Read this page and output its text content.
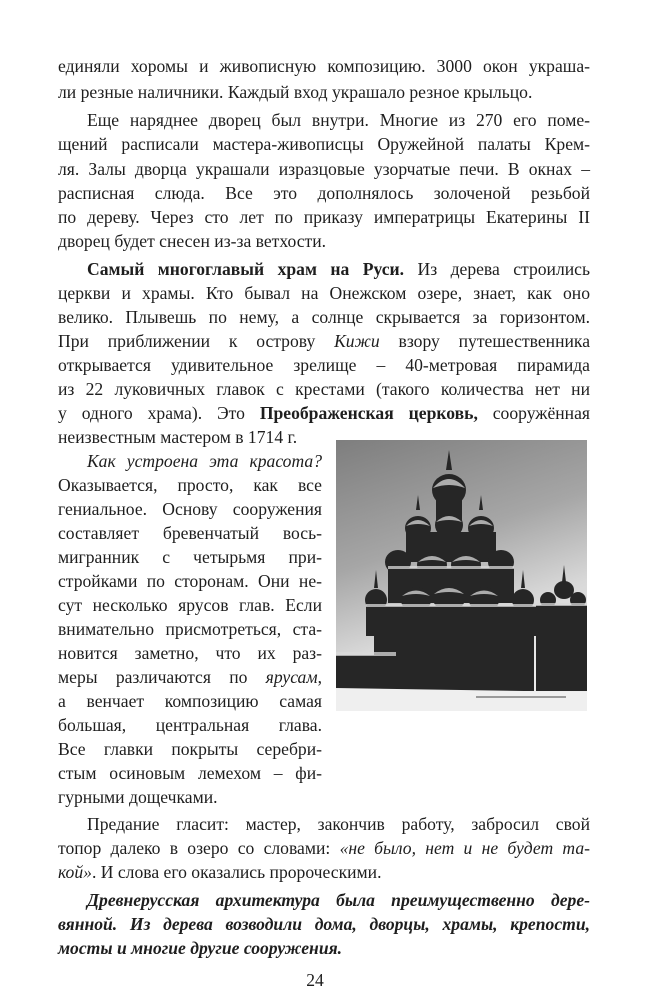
единяли хоромы и живописную композицию. 3000 окон украша-
ли резные наличники. Каждый вход украшало резное крыльцо.
Еще наряднее дворец был внутри. Многие из 270 его поме-
щений расписали мастера-живописцы Оружейной палаты Крем-
ля. Залы дворца украшали изразцовые узорчатые печи. В окнах –
расписная слюда. Все это дополнялось золоченой резьбой
по дереву. Через сто лет по приказу императрицы Екатерины II
дворец будет снесен из-за ветхости.
Самый многоглавый храм на Руси. Из дерева строились
церкви и храмы. Кто бывал на Онежском озере, знает, как оно
велико. Плывешь по нему, а солнце скрывается за горизонтом.
При приближении к острову Кижи взору путешественника
открывается удивительное зрелище – 40-метровая пирамида
из 22 луковичных главок с крестами (такого количества нет ни
у одного храма). Это Преображенская церковь, сооружённая
неизвестным мастером в 1714 г.
Как устроена эта красота?
Оказывается, просто, как все
гениальное. Основу сооружения
составляет бревенчатый вось-
мигранник с четырьмя при-
стройками по сторонам. Они не-
сут несколько ярусов глав. Если
внимательно присмотреться, ста-
новится заметно, что их раз-
меры различаются по ярусам,
а венчает композицию самая
большая, центральная глава.
Все главки покрыты серебри-
стым осиновым лемехом – фи-
гурными дощечками.
Предание гласит: мастер, закончив работу, забросил свой
топор далеко в озеро со словами: «не было, нет и не будет та-
кой». И слова его оказались пророческими.
Древнерусская архитектура была преимущественно дере-
вянной. Из дерева возводили дома, дворцы, храмы, крепости,
мосты и многие другие сооружения.
24
